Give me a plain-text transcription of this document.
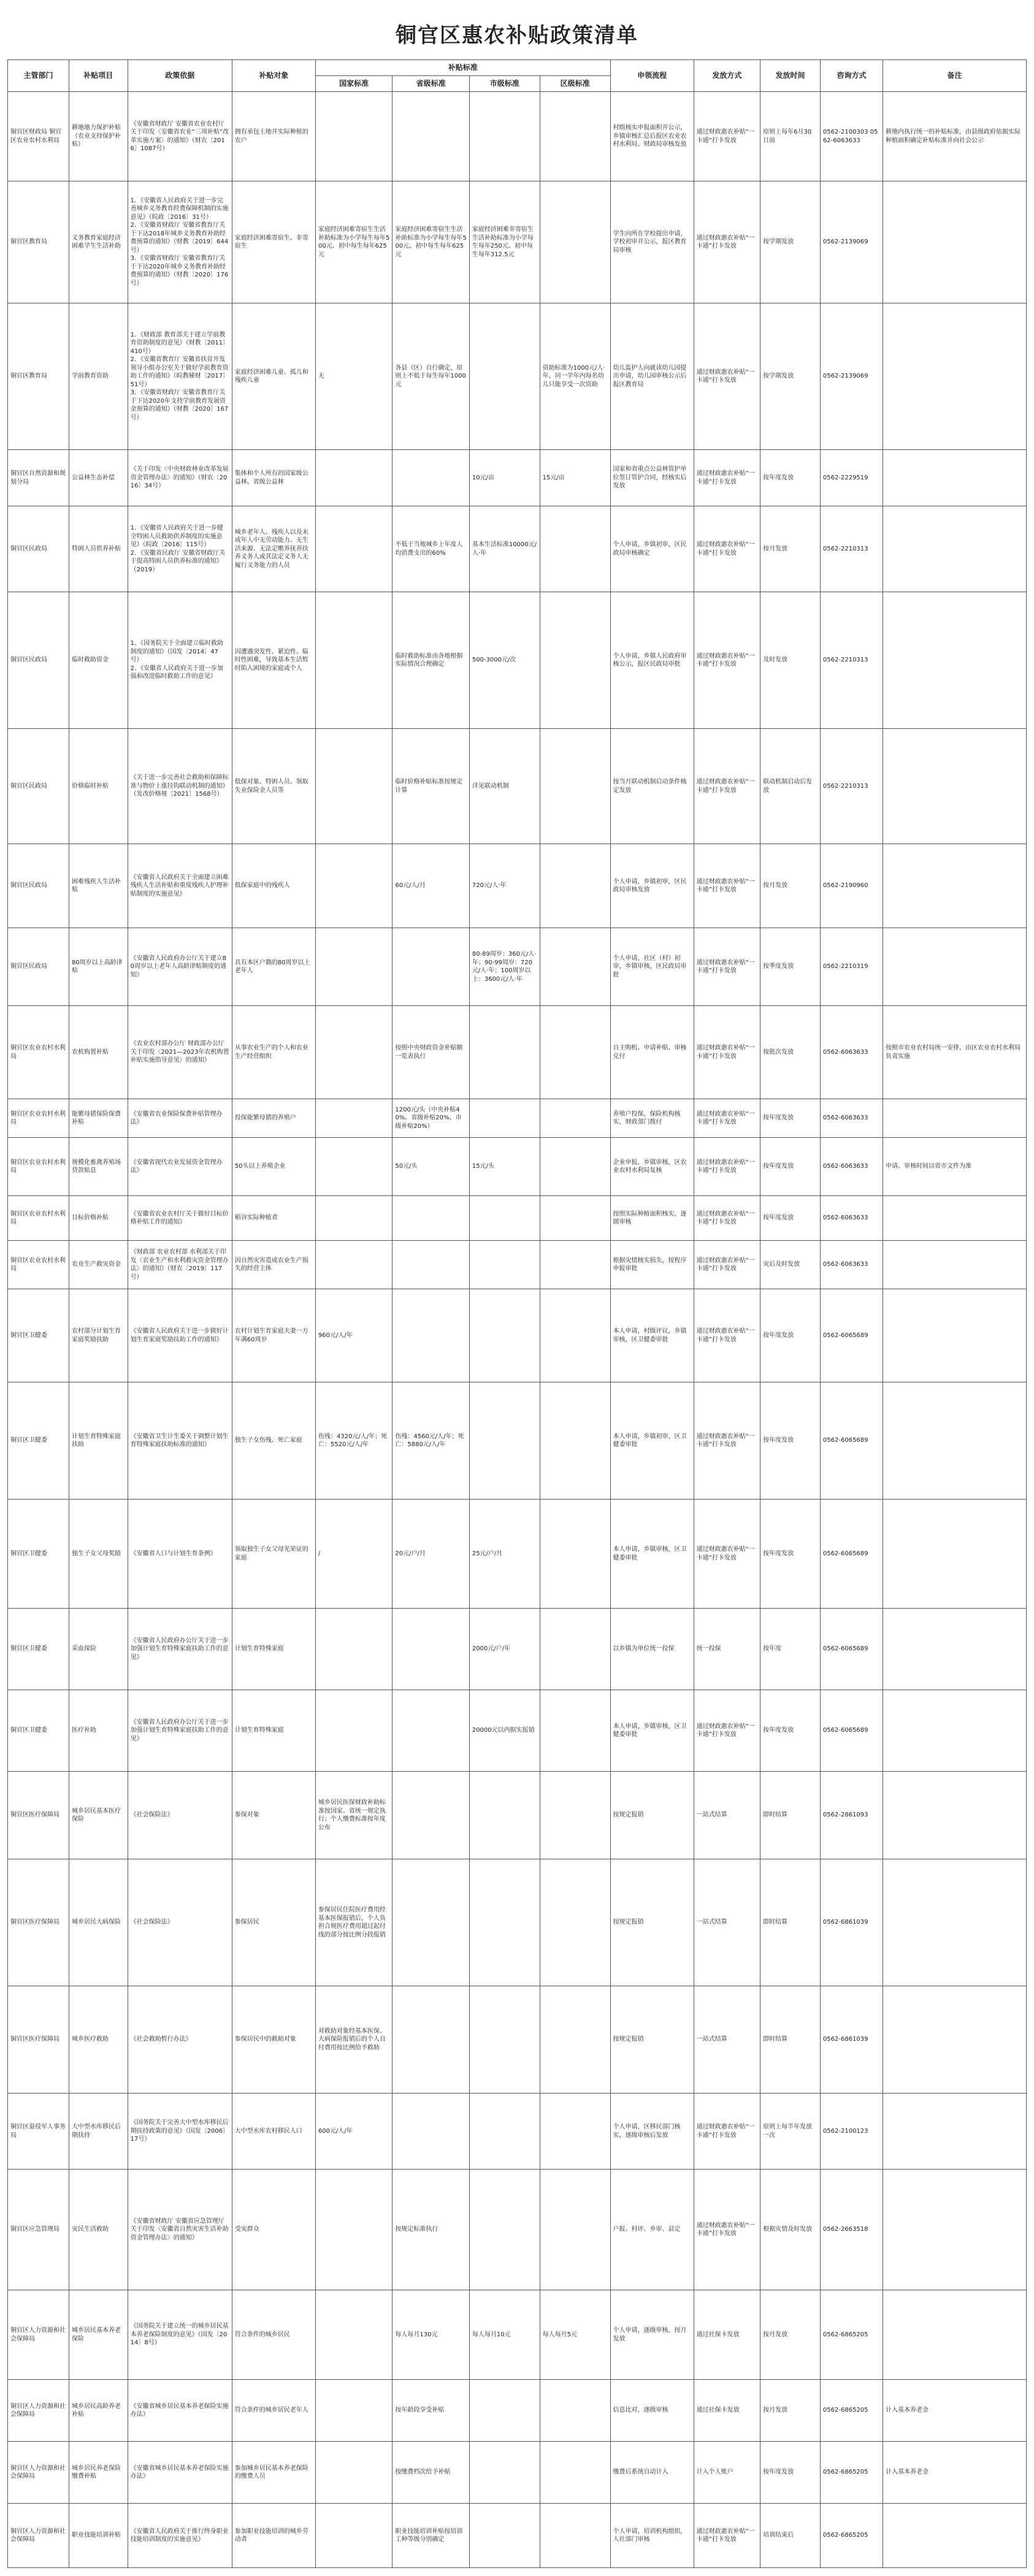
铜官区惠农补贴政策清单
主管部门	补贴项目	政策依据	补贴对象	补贴标准				申领流程	发放方式	发放时间	咨询方式	备注
				国家标准	省级标准	市级标准	区级标准					

铜官区财政局 铜官区农业农村水利局	耕地地力保护补贴（农业支持保护补贴）	《安徽省财政厅 安徽省农业农村厅关于印发〈安徽省农业“三项补贴”改革实施方案〉的通知》（财农〔2016〕1087号）	拥有承包土地并实际种植的农户					村组核实申报面积并公示，乡镇审核汇总后报区农业农村水利局、财政局审核发放	通过财政惠农补贴“一卡通”打卡发放	原则上每年6月30日前	0562-2100303 0562-6063633	耕地内执行统一的补贴标准，由县级政府依据实际种植面积确定补贴标准并向社会公示

铜官区教育局	义务教育家庭经济困难学生生活补助	1．《安徽省人民政府关于进一步完善城乡义务教育经费保障机制的实施意见》（皖政〔2016〕31号）
2．《安徽省财政厅 安徽省教育厅关于下达2018年城乡义务教育补助经费预算的通知》（财教〔2019〕644号）
3．《安徽省财政厅 安徽省教育厅关于下达2020年城乡义务教育补助经费预算的通知》（财教〔2020〕176号）	家庭经济困难寄宿生、非寄宿生	家庭经济困难寄宿生生活补助标准为小学每生每年500元、初中每生每年625元	家庭经济困难寄宿生生活补助标准为小学每生每年500元、初中每生每年625元	家庭经济困难非寄宿生生活补助标准为小学每生每年250元、初中每生每年312.5元		学生向所在学校提出申请，学校初审并公示，报区教育局审核	通过财政惠农补贴“一卡通”打卡发放	按学期发放	0562-2139069	

铜官区教育局	学前教育资助	1．《财政部 教育部关于建立学前教育资助制度的意见》（财教〔2011〕410号）
2．《安徽省教育厅 安徽省扶贫开发领导小组办公室关于做好学前教育资助工作的通知》（皖教秘财〔2017〕51号）
3．《安徽省财政厅 安徽省教育厅关于下达2020年支持学前教育发展资金预算的通知》（财教〔2020〕167号）	家庭经济困难儿童、孤儿和残疾儿童	无	各县（区）自行确定，原则上不低于每生每年1000元		资助标准为1000元/人·年，同一学年内每名幼儿只能享受一次资助	幼儿监护人向就读幼儿园提出申请，幼儿园审核公示后报区教育局	通过财政惠农补贴“一卡通”打卡发放	按学期发放	0562-2139069	

铜官区自然资源和规划分局	公益林生态补偿	《关于印发〈中央财政林业改革发展资金管理办法〉的通知》（财农〔2016〕34号）	集体和个人所有的国家级公益林、省级公益林			10元/亩	15元/亩	国家和省重点公益林管护单位签订管护合同，经核实后发放	通过财政惠农补贴“一卡通”打卡发放	按年度发放	0562-2229519	

铜官区民政局	特困人员供养补贴	1．《安徽省人民政府关于进一步健全特困人员救助供养制度的实施意见》（皖政〔2016〕115号）
2．《安徽省民政厅 安徽省财政厅关于提高特困人员供养标准的通知》（2019）	城乡老年人、残疾人以及未成年人中无劳动能力、无生活来源、无法定赡养抚养扶养义务人或其法定义务人无履行义务能力的人员		不低于当地城乡上年度人均消费支出的60%	基本生活标准10000元/人·年		个人申请，乡镇初审，区民政局审核确定	通过财政惠农补贴“一卡通”打卡发放	按月发放	0562-2210313	

铜官区民政局	临时救助资金	1．《国务院关于全面建立临时救助制度的通知》（国发〔2014〕47号）
2．《安徽省人民政府关于进一步加强和改进临时救助工作的意见》	因遭遇突发性、紧迫性、临时性困难，导致基本生活暂时陷入困境的家庭或个人		临时救助标准由各地根据实际情况合理确定	500-3000元/次		个人申请，乡镇人民政府审核公示，报区民政局审批	通过财政惠农补贴“一卡通”打卡发放	及时发放	0562-2210313	

铜官区民政局	价格临时补贴	《关于进一步完善社会救助和保障标准与物价上涨挂钩联动机制的通知》（发改价格规〔2021〕1568号）	低保对象、特困人员、领取失业保险金人员等		临时价格补贴标准按规定计算	详见联动机制		按当月联动机制启动条件核定发放	通过财政惠农补贴“一卡通”打卡发放	联动机制启动后发放	0562-2210313	

铜官区民政局	困难残疾人生活补贴	《安徽省人民政府关于全面建立困难残疾人生活补贴和重度残疾人护理补贴制度的实施意见》	低保家庭中的残疾人		60元/人/月	720元/人·年		个人申请，乡镇初审，区民政局审核发放	通过财政惠农补贴“一卡通”打卡发放	按月发放	0562-2190960	

铜官区民政局	80周岁以上高龄津贴	《安徽省人民政府办公厅关于建立80周岁以上老年人高龄津贴制度的通知》	具有本区户籍的80周岁以上老年人			80-89周岁：360元/人·年；90-99周岁：720元/人·年；100周岁以上：3600元/人·年		个人申请，社区（村）初审，乡镇审核，区民政局审批	通过财政惠农补贴“一卡通”打卡发放	按季度发放	0562-2210319	

铜官区农业农村水利局	农机购置补贴	《农业农村部办公厅 财政部办公厅关于印发〈2021—2023年农机购置补贴实施指导意见〉的通知》	从事农业生产的个人和农业生产经营组织		按照中央财政资金补贴额一览表执行			自主购机、申请补贴、审核兑付	通过财政惠农补贴“一卡通”打卡发放	按批次发放	0562-6063633	按照市农业农村局统一安排，由区农业农村水利局负责实施

铜官区农业农村水利局	能繁母猪保险保费补贴	《安徽省农业保险保费补贴管理办法》	投保能繁母猪的养殖户		1200元/头（中央补贴40%、省级补贴20%、市级补贴20%）			养殖户投保，保险机构核实，财政部门拨付	通过财政惠农补贴“一卡通”打卡发放	按年度发放	0562-6063633	

铜官区农业农村水利局	规模化畜禽养殖场贷款贴息	《安徽省现代农业发展资金管理办法》	50头以上养殖企业		50元/头	15元/头		企业申报，乡镇审核，区农业农村水利局复核	通过财政惠农补贴“一卡通”打卡发放	按年度发放	0562-6063633	申请、审核时间以省市文件为准

铜官区农业农村水利局	目标价格补贴	《安徽省农业农村厅关于做好目标价格补贴工作的通知》	稻谷实际种植者					按照实际种植面积核实，逐级审核	通过财政惠农补贴“一卡通”打卡发放	按年度发放	0562-6063633	

铜官区农业农村水利局	农业生产救灾资金	《财政部 农业农村部 水利部关于印发〈农业生产和水利救灾资金管理办法〉的通知》（财农〔2019〕117号）	因自然灾害造成农业生产损失的经营主体					根据灾情核实损失，按程序申报审批	通过财政惠农补贴“一卡通”打卡发放	灾后及时发放	0562-6063633	

铜官区卫健委	农村部分计划生育家庭奖励扶助	《安徽省人民政府关于进一步做好计划生育家庭奖励扶助工作的通知》	农村计划生育家庭夫妻一方年满60周岁	960元/人/年				本人申请，村级评议，乡镇审核，区卫健委审批	通过财政惠农补贴“一卡通”打卡发放	按年度发放	0562-6065689	

铜官区卫健委	计划生育特殊家庭扶助	《安徽省卫生计生委关于调整计划生育特殊家庭扶助标准的通知》	独生子女伤残、死亡家庭	伤残：4320元/人/年；死亡：5520元/人/年	伤残：4560元/人/年；死亡：5880元/人/年			本人申请，乡镇初审，区卫健委审批	通过财政惠农补贴“一卡通”打卡发放	按年度发放	0562-6065689	

铜官区卫健委	独生子女父母奖励	《安徽省人口与计划生育条例》	领取独生子女父母光荣证的家庭	/	20元/户/月	25元/户/月		本人申请，乡镇审核，区卫健委审批	通过财政惠农补贴“一卡通”打卡发放	按年度发放	0562-6065689	

铜官区卫健委	采血保险	《安徽省人民政府办公厅关于进一步加强计划生育特殊家庭扶助工作的意见》	计划生育特殊家庭			2000元/户/年		以乡镇为单位统一投保	统一投保	按年度	0562-6065689	

铜官区卫健委	医疗补助	《安徽省人民政府办公厅关于进一步加强计划生育特殊家庭扶助工作的意见》	计划生育特殊家庭			20000元以内据实报销		本人申请，乡镇审核，区卫健委审批	通过财政惠农补贴“一卡通”打卡发放	按年度发放	0562-6065689	

铜官区医疗保障局	城乡居民基本医疗保险	《社会保险法》	参保对象	城乡居民医保财政补助标准按国家、省统一规定执行；个人缴费标准按年度公布				按规定报销	一站式结算	即时结算	0562-2861093	

铜官区医疗保障局	城乡居民大病保险	《社会保险法》	参保居民	参保居民住院医疗费用经基本医保报销后，个人负担合规医疗费用超过起付线的部分按比例分段报销				按规定报销	一站式结算	即时结算	0562-6861039	

铜官区医疗保障局	城乡医疗救助	《社会救助暂行办法》	参保居民中的救助对象	对救助对象经基本医保、大病保险报销后的个人自付费用按比例给予救助				按规定报销	一站式结算	即时结算	0562-6861039	

铜官区退役军人事务局	大中型水库移民后期扶持	《国务院关于完善大中型水库移民后期扶持政策的意见》（国发〔2006〕17号）	大中型水库农村移民人口	600元/人/年				个人申请，区移民部门核实，逐级审核后发放	通过财政惠农补贴“一卡通”打卡发放	原则上每半年发放一次	0562-2100123	

铜官区应急管理局	灾民生活救助	《安徽省财政厅 安徽省应急管理厅关于印发〈安徽省自然灾害生活补助资金管理办法〉的通知》	受灾群众		按规定标准执行			户报、村评、乡审、县定	通过财政惠农补贴“一卡通”打卡发放	根据灾情及时发放	0562-2663518	

铜官区人力资源和社会保障局	城乡居民基本养老保险	《国务院关于建立统一的城乡居民基本养老保险制度的意见》（国发〔2014〕8号）	符合条件的城乡居民		每人每月130元	每人每月10元	每人每月5元	个人申请，逐级审核，按月发放	通过社保卡发放	按月发放	0562-6865205	

铜官区人力资源和社会保障局	城乡居民高龄养老补贴	《安徽省城乡居民基本养老保险实施办法》	符合条件的城乡居民老年人		按年龄段享受补贴			信息比对，逐级审核	通过社保卡发放	按月发放	0562-6865205	计入基本养老金

铜官区人力资源和社会保障局	城乡居民养老保险缴费补贴	《安徽省城乡居民基本养老保险实施办法》	参加城乡居民基本养老保险的缴费人员		按缴费档次给予补贴			缴费后系统自动计入	计入个人账户	按年度发放	0562-6865205	计入基本养老金

铜官区人力资源和社会保障局	职业技能培训补贴	《安徽省人民政府关于推行终身职业技能培训制度的实施意见》	参加职业技能培训的城乡劳动者		职业技能培训补贴按培训工种等级分别确定			个人申请，培训机构组织，人社部门审核	通过财政惠农补贴“一卡通”打卡发放	培训结束后	0562-6865205	
